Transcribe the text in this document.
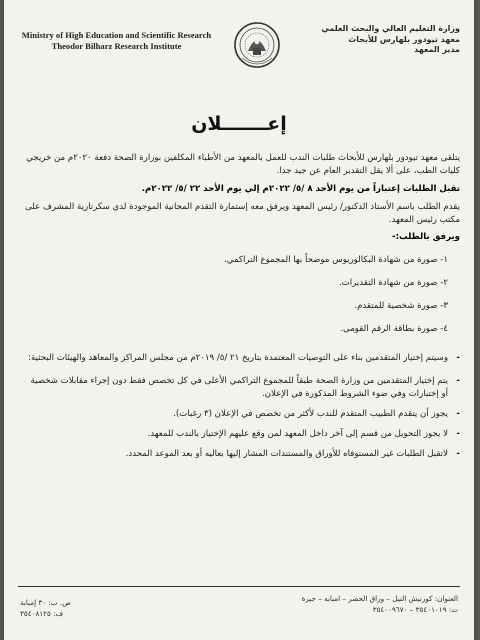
Ministry of High Education and Scientific Research
Theodor Bilharz Research Institute
وزارة التعليم العالي والبحث العلمي
معهد تيودور بلهارس للأبحاث
مدير المعهد
إعـــــــلان

يتلقى معهد تيودور بلهارس للأبحاث طلبات الندب للعمل بالمعهد من الأطباء المكلفين بوزارة الصحة دفعة ٢٠٢٠م من خريجي كليات الطب، على ألا يقل التقدير العام عن جيد جدا.

تقبل الطلبات إعتباراً من يوم الأحد ٨ /٥/ ٢٠٢٢م إلي يوم الأحد ٢٢ /٥/ ٢٠٢٢م.

يقدم الطلب باسم الأستاذ الدكتور/ رئيس المعهد ويرفق معه إستمارة التقدم المجانية الموجودة لدي سكرتارية المشرف على مكتب رئيس المعهد.

ويرفق بالطلب:-

١- صورة من شهادة البكالوريوس موضحاً بها المجموع التراكمي.
٢- صورة من شهادة التقديرات.
٣- صورة شخصية للمتقدم.
٤- صورة بطاقة الرقم القومى.
- وسيتم إختيار المتقدمين بناء على التوصيات المعتمدة بتاريخ ٢١ /٥/ ٢٠١٩م من مجلس المراكز والمعاهد والهيئات البحثية:
- يتم إختيار المتقدمين من وزارة الصحة طبقاً للمجموع التراكمي الأعلى في كل تخصص فقط دون إجراء مقابلات شخصية أو إختبارات وفي ضوء الشروط المذكورة في الإعلان.
- يجوز أن يتقدم الطبيب المتقدم للندب لأكثر من تخصص في الإعلان (٣ رغبات).
- لا يجوز التحويل من قسم إلى آخر داخل المعهد لمن وقع عليهم الإختيار بالندب للمعهد.
- لاتقبل الطلبات غير المستوفاه للأوراق والمستندات المشار إليها بعاليه أو بعد الموعد المحدد.
العنوان: كورنيش النيل – وراق الحضر – امبابه – جيزة
ت: ٣٥٤٠١٠١٩ – ٣٥٤٠٠٩٦٧٠
ص. ب: ٣٠ إمبابة
ف: ٣٥٤٠٨١٢٥
